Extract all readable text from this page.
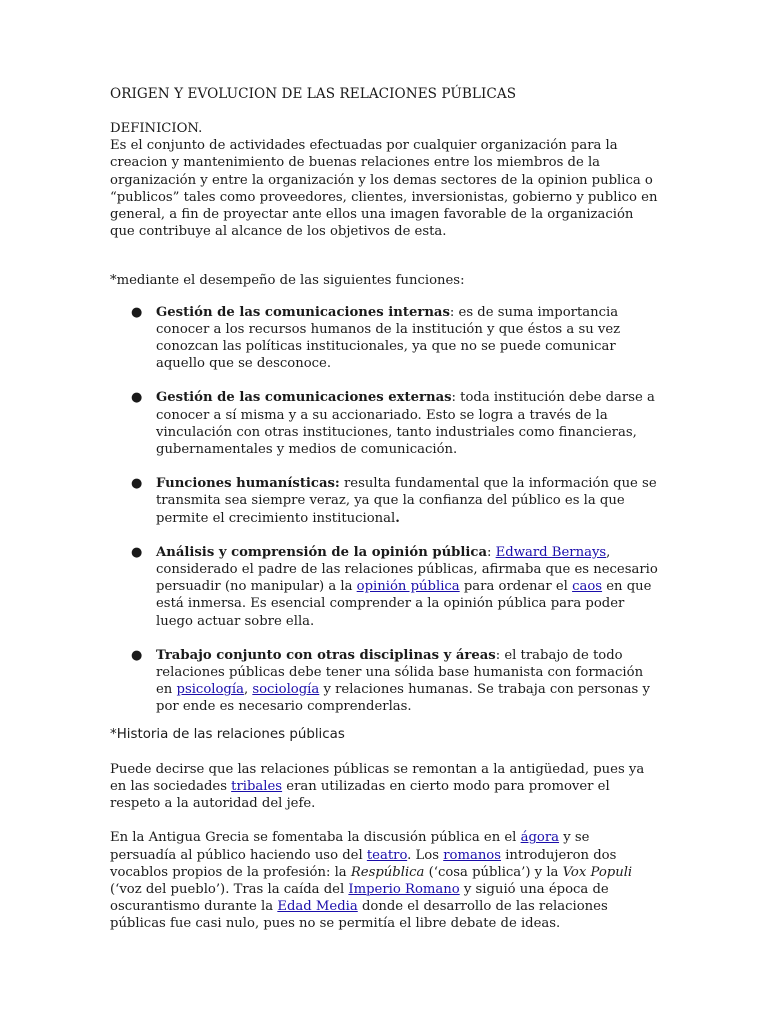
ORIGEN Y EVOLUCION DE LAS RELACIONES PÚBLICAS

DEFINICION.

Es el conjunto de actividades efectuadas por cualquier organización para la creacion y mantenimiento de buenas relaciones entre los miembros de la organización y entre la organización y los demas sectores de la opinion publica o “publicos” tales como proveedores, clientes, inversionistas, gobierno y publico en general, a fin de proyectar ante ellos una imagen favorable de la organización que contribuye al alcance de los objetivos de esta.

*mediante el desempeño de las siguientes funciones:

● Gestión de las comunicaciones internas: es de suma importancia conocer a los recursos humanos de la institución y que éstos a su vez conozcan las políticas institucionales, ya que no se puede comunicar aquello que se desconoce.
● Gestión de las comunicaciones externas: toda institución debe darse a conocer a sí misma y a su accionariado. Esto se logra a través de la vinculación con otras instituciones, tanto industriales como financieras, gubernamentales y medios de comunicación.
● Funciones humanísticas: resulta fundamental que la información que se transmita sea siempre veraz, ya que la confianza del público es la que permite el crecimiento institucional.
● Análisis y comprensión de la opinión pública: Edward Bernays, considerado el padre de las relaciones públicas, afirmaba que es necesario persuadir (no manipular) a la opinión pública para ordenar el caos en que está inmersa. Es esencial comprender a la opinión pública para poder luego actuar sobre ella.
● Trabajo conjunto con otras disciplinas y áreas: el trabajo de todo relaciones públicas debe tener una sólida base humanista con formación en psicología, sociología y relaciones humanas. Se trabaja con personas y por ende es necesario comprenderlas.

*Historia de las relaciones públicas

Puede decirse que las relaciones públicas se remontan a la antigüedad, pues ya en las sociedades tribales eran utilizadas en cierto modo para promover el respeto a la autoridad del jefe.

En la Antigua Grecia se fomentaba la discusión pública en el ágora y se persuadía al público haciendo uso del teatro. Los romanos introdujeron dos vocablos propios de la profesión: la Respública (‘cosa pública’) y la Vox Populi (‘voz del pueblo’). Tras la caída del Imperio Romano y siguió una época de oscurantismo durante la Edad Media donde el desarrollo de las relaciones públicas fue casi nulo, pues no se permitía el libre debate de ideas.
